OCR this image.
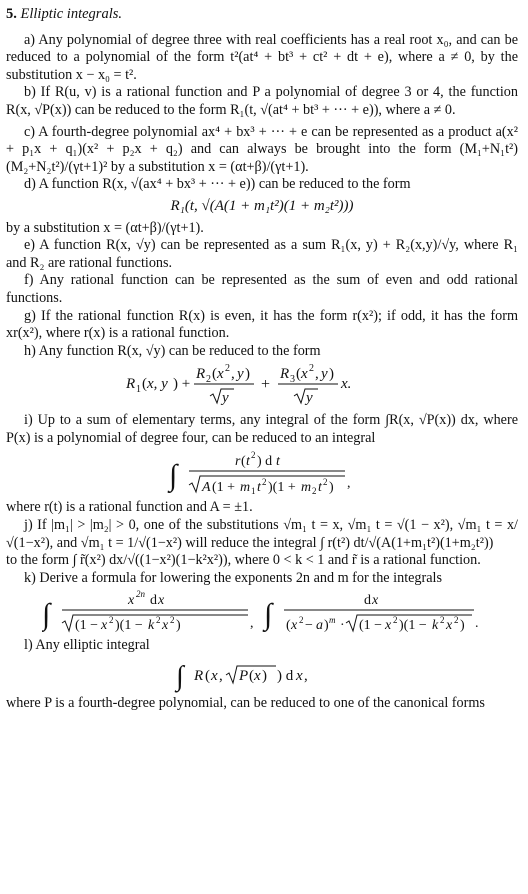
5. Elliptic integrals.

a) Any polynomial of degree three with real coefficients has a real root x₀, and can be reduced to a polynomial of the form t²(at⁴ + bt³ + ct² + dt + e), where a ≠ 0, by the substitution x − x₀ = t².

b) If R(u, v) is a rational function and P a polynomial of degree 3 or 4, the function R(x, √P(x)) can be reduced to the form R₁(t, √(at⁴ + bt³ + ··· + e)), where a ≠ 0.

c) A fourth-degree polynomial ax⁴ + bx³ + ··· + e can be represented as a product a(x² + p₁x + q₁)(x² + p₂x + q₂) and can always be brought into the form (M₁+N₁t²)(M₂+N₂t²)/(γt+1)² by a substitution x = (αt+β)/(γt+1).

d) A function R(x, √(ax⁴ + bx³ + ··· + e)) can be reduced to the form

R₁(t, √(A(1 + m₁t²)(1 + m₂t²)))

by a substitution x = (αt+β)/(γt+1).

e) A function R(x, √y) can be represented as a sum R₁(x, y) + R₂(x,y)/√y, where R₁ and R₂ are rational functions.

f) Any rational function can be represented as the sum of even and odd rational functions.

g) If the rational function R(x) is even, it has the form r(x²); if odd, it has the form xr(x²), where r(x) is a rational function.

h) Any function R(x, √y) can be reduced to the form

R 1 ( x, y ) +
R 2 ( x 2 , y )
y
+
R 3 ( x 2 , y )
y
x.

i) Up to a sum of elementary terms, any integral of the form ∫R(x, √P(x)) dx, where P(x) is a polynomial of degree four, can be reduced to an integral

∫	r ( t 2 ) d t
A (1 + m 1 t 2 )(1 + m 2 t 2 ) ,

where r(t) is a rational function and A = ±1.

j) If |m₁| > |m₂| > 0, one of the substitutions √m₁ t = x, √m₁ t = √(1 − x²), √m₁ t = x/√(1−x²), and √m₁ t = 1/√(1−x²) will reduce the integral ∫ r(t²) dt/√(A(1+m₁t²)(1+m₂t²))

to the form ∫ r̃(x²) dx/√((1−x²)(1−k²x²)), where 0 < k < 1 and r̃ is a rational function.

k) Derive a formula for lowering the exponents 2n and m for the integrals

∫	x 2n d x
(1 − x 2 )(1 − k 2 x 2 )	, ∫	d x
( x 2 − a ) m · (1 − x 2 )(1 − k 2 x 2 ) .

l) Any elliptic integral

∫ R ( x , P ( x ) ) d x ,

where P is a fourth-degree polynomial, can be reduced to one of the canonical forms
